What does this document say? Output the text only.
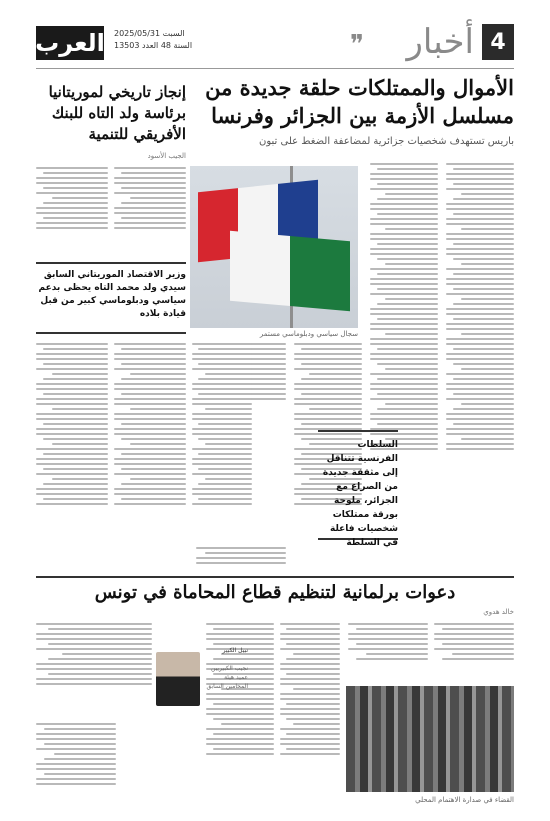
4
أخبار
❞
العرب السبت 2025/05/31
السنة 48 العدد 13503
الأموال والممتلكات حلقة جديدة من مسلسل الأزمة بين الجزائر وفرنسا
باريس تستهدف شخصيات جزائرية لمضاعفة الضغط على تبون
إنجاز تاريخي لموريتانيا برئاسة ولد التاه للبنك الأفريقي للتنمية
الجيب الأسود
سجال سياسي ودبلوماسي مستمر
السلطات الفرنسية تتناقل إلى مثقفة جديدة من الصراع مع الجزائر، ملوحة بورقة ممتلكات شخصيات فاعلة في السلطة
وزير الاقتصاد الموريتاني السابق سيدي ولد محمد التاه يحظى بدعم سياسي ودبلوماسي كبير من قبل قيادة بلاده
دعوات برلمانية لتنظيم قطاع المحاماة في تونس
خالد هدوي
القضاء في صدارة الاهتمام المحلي
نبيل الكبير
نجيب الكبيريين عميد هيئة المحامين السابق
